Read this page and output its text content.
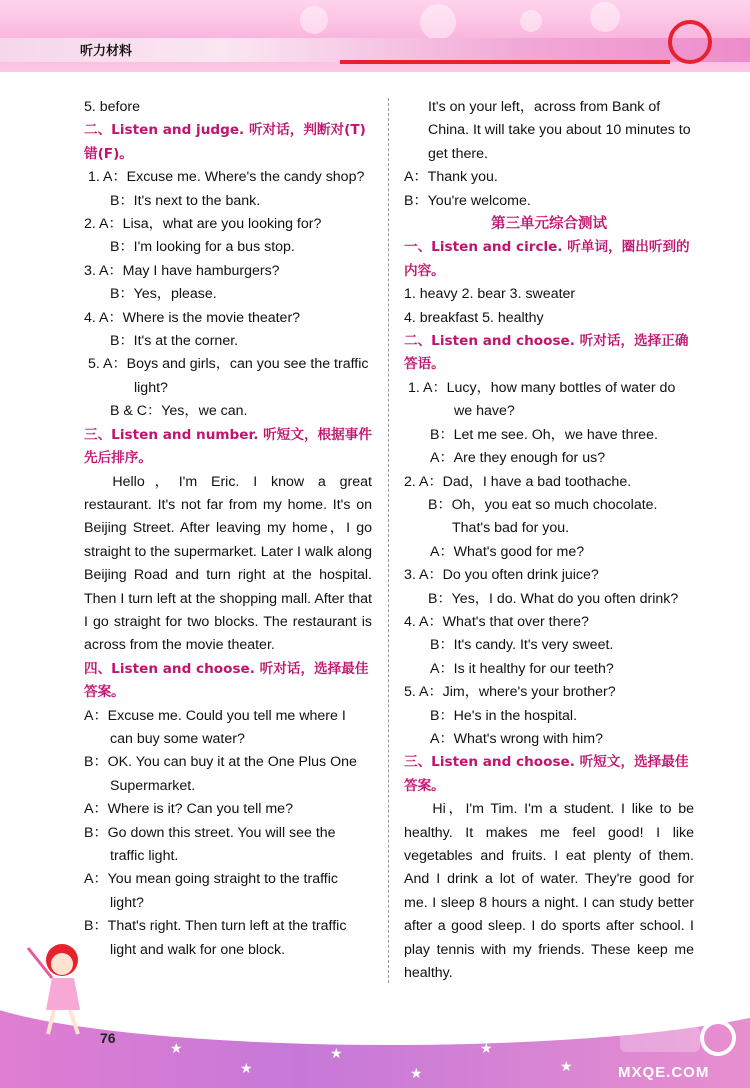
听力材料
5. before
二、Listen and judge. 听对话，判断对(T)错(F)。
1. A：Excuse me. Where's the candy shop?
B：It's next to the bank.
2. A：Lisa，what are you looking for?
B：I'm looking for a bus stop.
3. A：May I have hamburgers?
B：Yes，please.
4. A：Where is the movie theater?
B：It's at the corner.
5. A：Boys and girls，can you see the traffic light?
B & C：Yes，we can.
三、Listen and number. 听短文，根据事件先后排序。
Hello，I'm Eric. I know a great restaurant. It's not far from my home. It's on Beijing Street. After leaving my home，I go straight to the supermarket. Later I walk along Beijing Road and turn right at the hospital. Then I turn left at the shopping mall. After that I go straight for two blocks. The restaurant is across from the movie theater.
四、Listen and choose. 听对话，选择最佳答案。
A：Excuse me. Could you tell me where I can buy some water?
B：OK. You can buy it at the One Plus One Supermarket.
A：Where is it? Can you tell me?
B：Go down this street. You will see the traffic light.
A：You mean going straight to the traffic light?
B：That's right. Then turn left at the traffic light and walk for one block.
It's on your left，across from Bank of China. It will take you about 10 minutes to get there.
A：Thank you.
B：You're welcome.
第三单元综合测试
一、Listen and circle. 听单词，圈出听到的内容。
1. heavy 2. bear 3. sweater
4. breakfast 5. healthy
二、Listen and choose. 听对话，选择正确答语。
1. A：Lucy，how many bottles of water do we have?
B：Let me see. Oh，we have three.
A：Are they enough for us?
2. A：Dad，I have a bad toothache.
B：Oh，you eat so much chocolate. That's bad for you.
A：What's good for me?
3. A：Do you often drink juice?
B：Yes，I do. What do you often drink?
4. A：What's that over there?
B：It's candy. It's very sweet.
A：Is it healthy for our teeth?
5. A：Jim，where's your brother?
B：He's in the hospital.
A：What's wrong with him?
三、Listen and choose. 听短文，选择最佳答案。
Hi，I'm Tim. I'm a student. I like to be healthy. It makes me feel good! I like vegetables and fruits. I eat plenty of them. And I drink a lot of water. They're good for me. I sleep 8 hours a night. I can study better after a good sleep. I do sports after school. I play tennis with my friends. These keep me healthy.
★
★
★
★
★
★
76
MXQE.COM
